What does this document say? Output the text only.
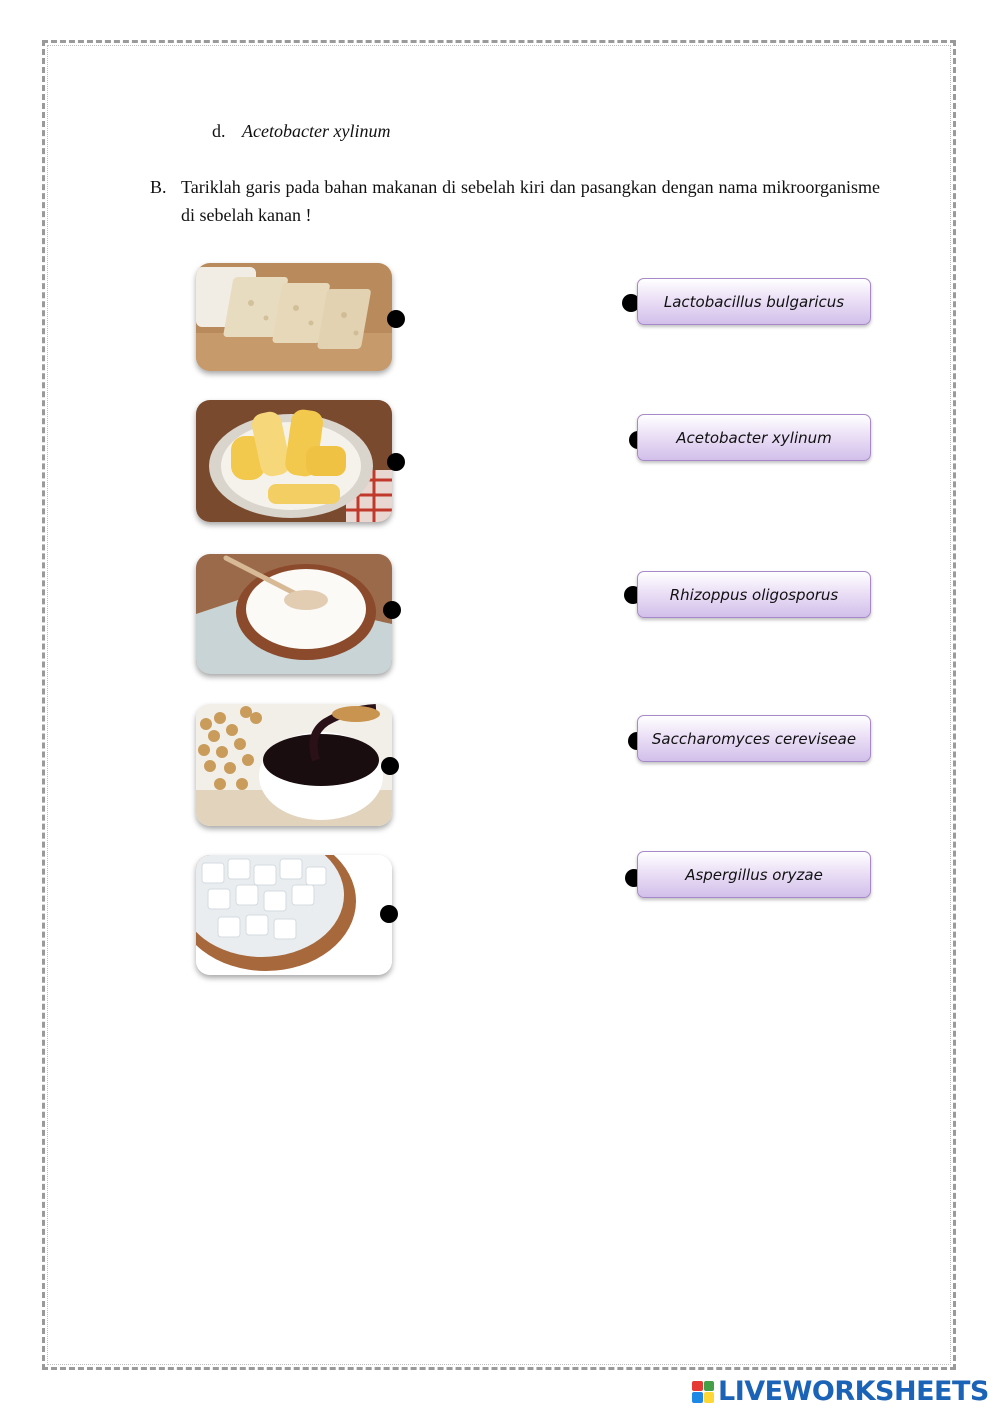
d. Acetobacter xylinum
B. Tariklah garis pada bahan makanan di sebelah kiri dan pasangkan dengan nama mikroorganisme di sebelah kanan !
Lactobacillus bulgaricus
Acetobacter xylinum
Rhizoppus oligosporus
Saccharomyces cereviseae
Aspergillus oryzae
LIVEWORKSHEETS
